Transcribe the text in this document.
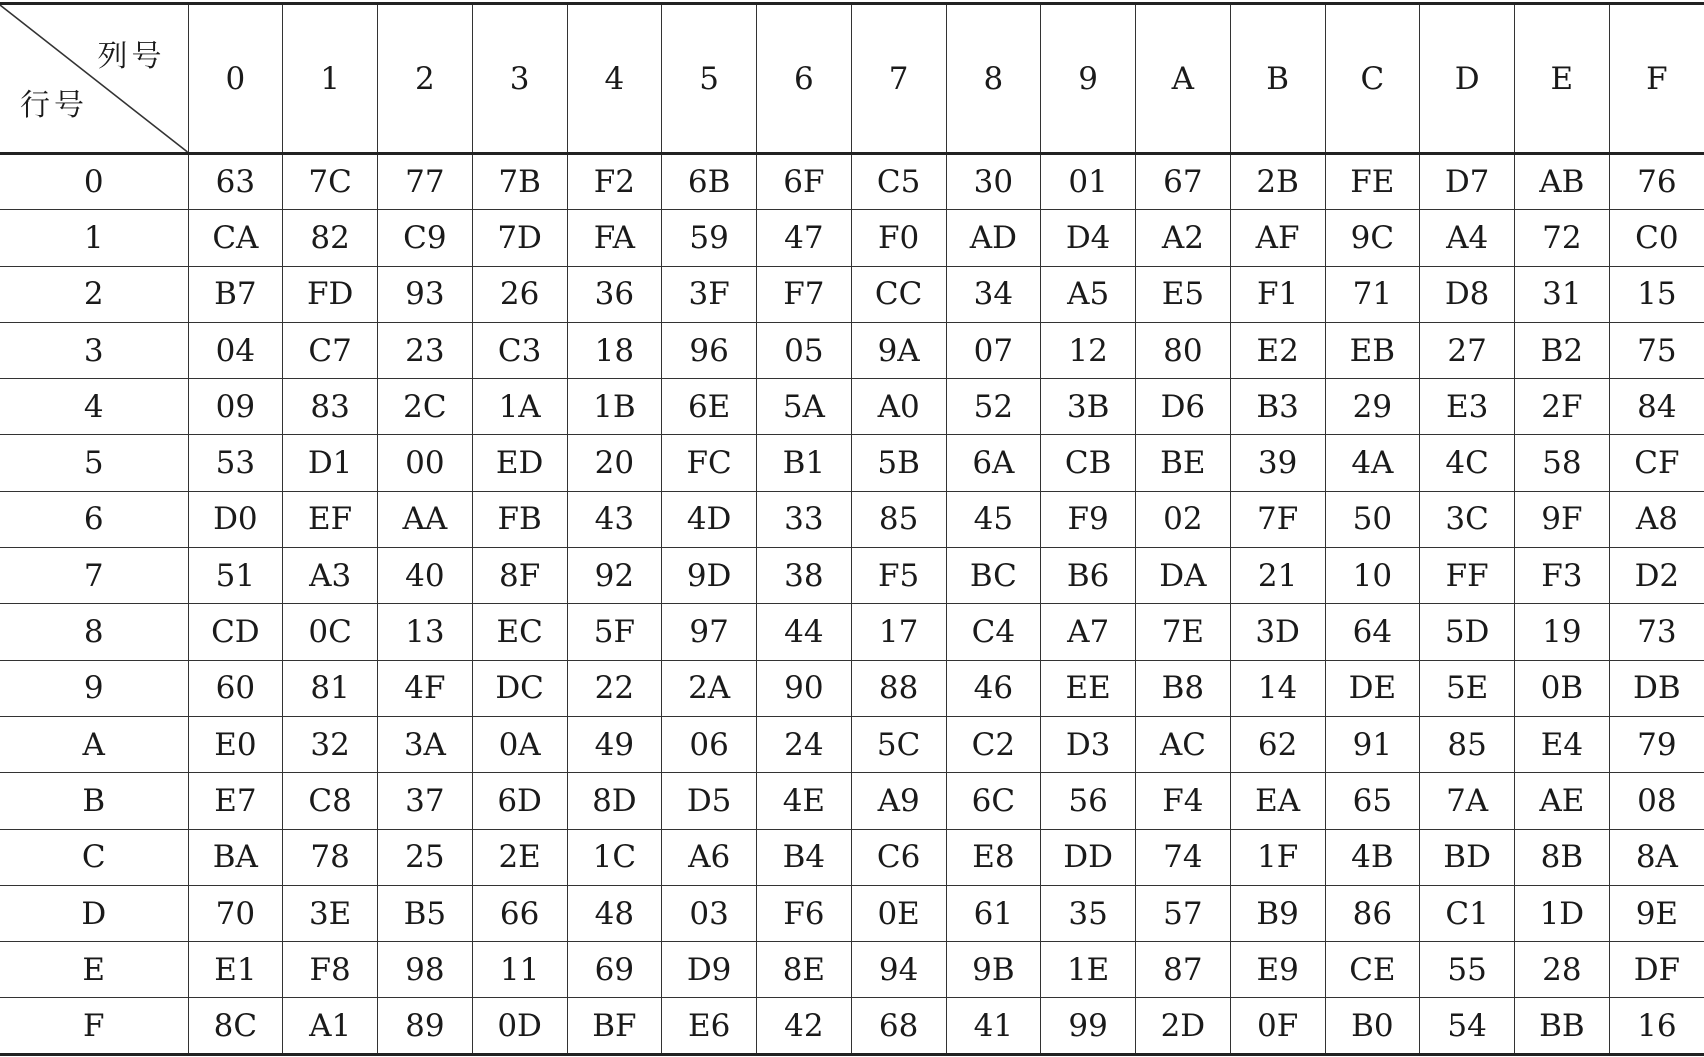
列号
行号	0	1	2	3	4	5	6	7	8	9	A	B	C	D	E	F
0	63	7C	77	7B	F2	6B	6F	C5	30	01	67	2B	FE	D7	AB	76
1	CA	82	C9	7D	FA	59	47	F0	AD	D4	A2	AF	9C	A4	72	C0
2	B7	FD	93	26	36	3F	F7	CC	34	A5	E5	F1	71	D8	31	15
3	04	C7	23	C3	18	96	05	9A	07	12	80	E2	EB	27	B2	75
4	09	83	2C	1A	1B	6E	5A	A0	52	3B	D6	B3	29	E3	2F	84
5	53	D1	00	ED	20	FC	B1	5B	6A	CB	BE	39	4A	4C	58	CF
6	D0	EF	AA	FB	43	4D	33	85	45	F9	02	7F	50	3C	9F	A8
7	51	A3	40	8F	92	9D	38	F5	BC	B6	DA	21	10	FF	F3	D2
8	CD	0C	13	EC	5F	97	44	17	C4	A7	7E	3D	64	5D	19	73
9	60	81	4F	DC	22	2A	90	88	46	EE	B8	14	DE	5E	0B	DB
A	E0	32	3A	0A	49	06	24	5C	C2	D3	AC	62	91	85	E4	79
B	E7	C8	37	6D	8D	D5	4E	A9	6C	56	F4	EA	65	7A	AE	08
C	BA	78	25	2E	1C	A6	B4	C6	E8	DD	74	1F	4B	BD	8B	8A
D	70	3E	B5	66	48	03	F6	0E	61	35	57	B9	86	C1	1D	9E
E	E1	F8	98	11	69	D9	8E	94	9B	1E	87	E9	CE	55	28	DF
F	8C	A1	89	0D	BF	E6	42	68	41	99	2D	0F	B0	54	BB	16
